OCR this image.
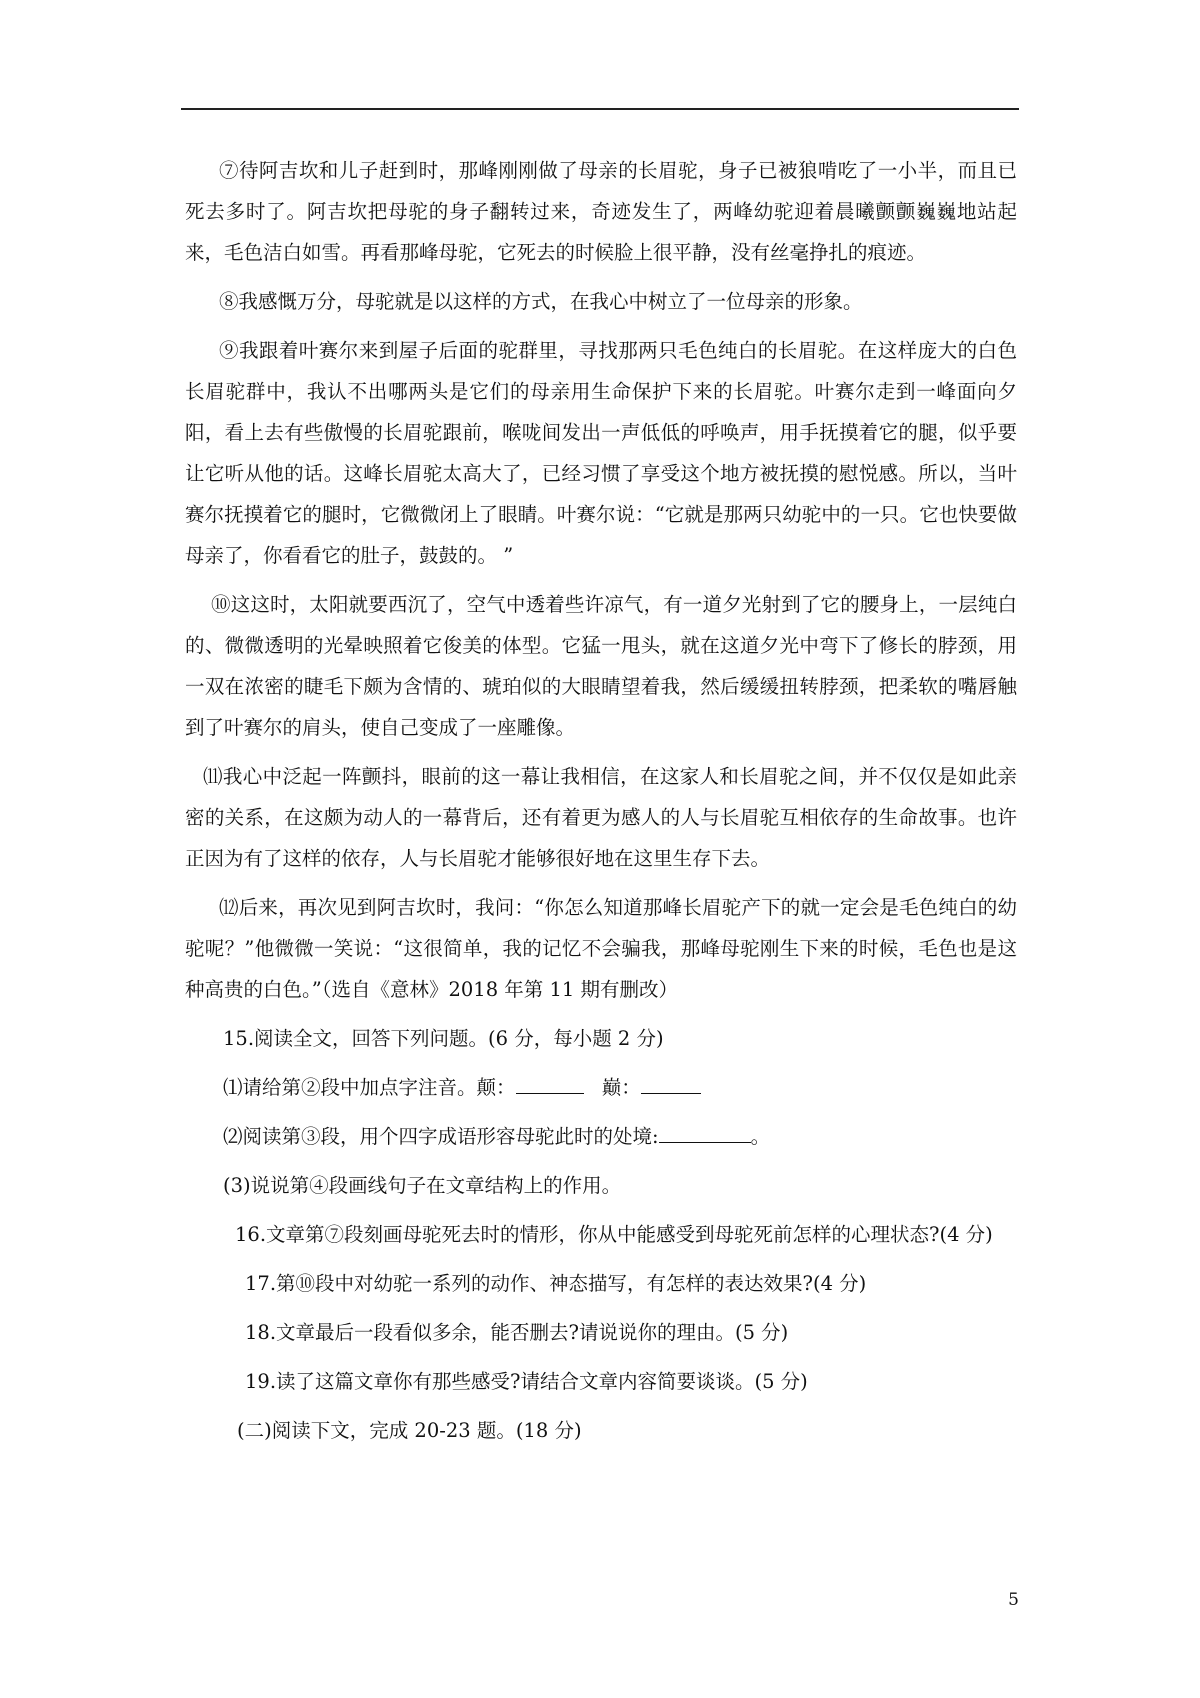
⑦待阿吉坎和儿子赶到时，那峰刚刚做了母亲的长眉驼，身子已被狼啃吃了一小半，而且已死去多时了。阿吉坎把母驼的身子翻转过来，奇迹发生了，两峰幼驼迎着晨曦颤颤巍巍地站起来，毛色洁白如雪。再看那峰母驼，它死去的时候脸上很平静，没有丝毫挣扎的痕迹。

⑧我感慨万分，母驼就是以这样的方式，在我心中树立了一位母亲的形象。

⑨我跟着叶赛尔来到屋子后面的驼群里，寻找那两只毛色纯白的长眉驼。在这样庞大的白色长眉驼群中，我认不出哪两头是它们的母亲用生命保护下来的长眉驼。叶赛尔走到一峰面向夕阳，看上去有些傲慢的长眉驼跟前，喉咙间发出一声低低的呼唤声，用手抚摸着它的腿，似乎要让它听从他的话。这峰长眉驼太高大了，已经习惯了享受这个地方被抚摸的慰悦感。所以，当叶赛尔抚摸着它的腿时，它微微闭上了眼睛。叶赛尔说：“它就是那两只幼驼中的一只。它也快要做母亲了，你看看它的肚子，鼓鼓的。 ”

⑩这这时，太阳就要西沉了，空气中透着些许凉气，有一道夕光射到了它的腰身上，一层纯白的、微微透明的光晕映照着它俊美的体型。它猛一甩头，就在这道夕光中弯下了修长的脖颈，用一双在浓密的睫毛下颇为含情的、琥珀似的大眼睛望着我，然后缓缓扭转脖颈，把柔软的嘴唇触到了叶赛尔的肩头，使自己变成了一座雕像。

⑾我心中泛起一阵颤抖，眼前的这一幕让我相信，在这家人和长眉驼之间，并不仅仅是如此亲密的关系，在这颇为动人的一幕背后，还有着更为感人的人与长眉驼互相依存的生命故事。也许正因为有了这样的依存，人与长眉驼才能够很好地在这里生存下去。

⑿后来，再次见到阿吉坎时，我问：“你怎么知道那峰长眉驼产下的就一定会是毛色纯白的幼驼呢？”他微微一笑说：“这很简单，我的记忆不会骗我，那峰母驼刚生下来的时候，毛色也是这种高贵的白色。”（选自《意林》2018 年第 11 期有删改）

15.阅读全文，回答下列问题。(6 分，每小题 2 分)
⑴请给第②段中加点字注音。颠：	巅：
⑵阅读第③段，用个四字成语形容母驼此时的处境:	。
(3)说说第④段画线句子在文章结构上的作用。
16.文章第⑦段刻画母驼死去时的情形，你从中能感受到母驼死前怎样的心理状态?(4 分)
17.第⑩段中对幼驼一系列的动作、神态描写，有怎样的表达效果?(4 分)
18.文章最后一段看似多余，能否删去?请说说你的理由。(5 分)
19.读了这篇文章你有那些感受?请结合文章内容简要谈谈。(5 分)
(二)阅读下文，完成 20-23 题。(18 分)
5
